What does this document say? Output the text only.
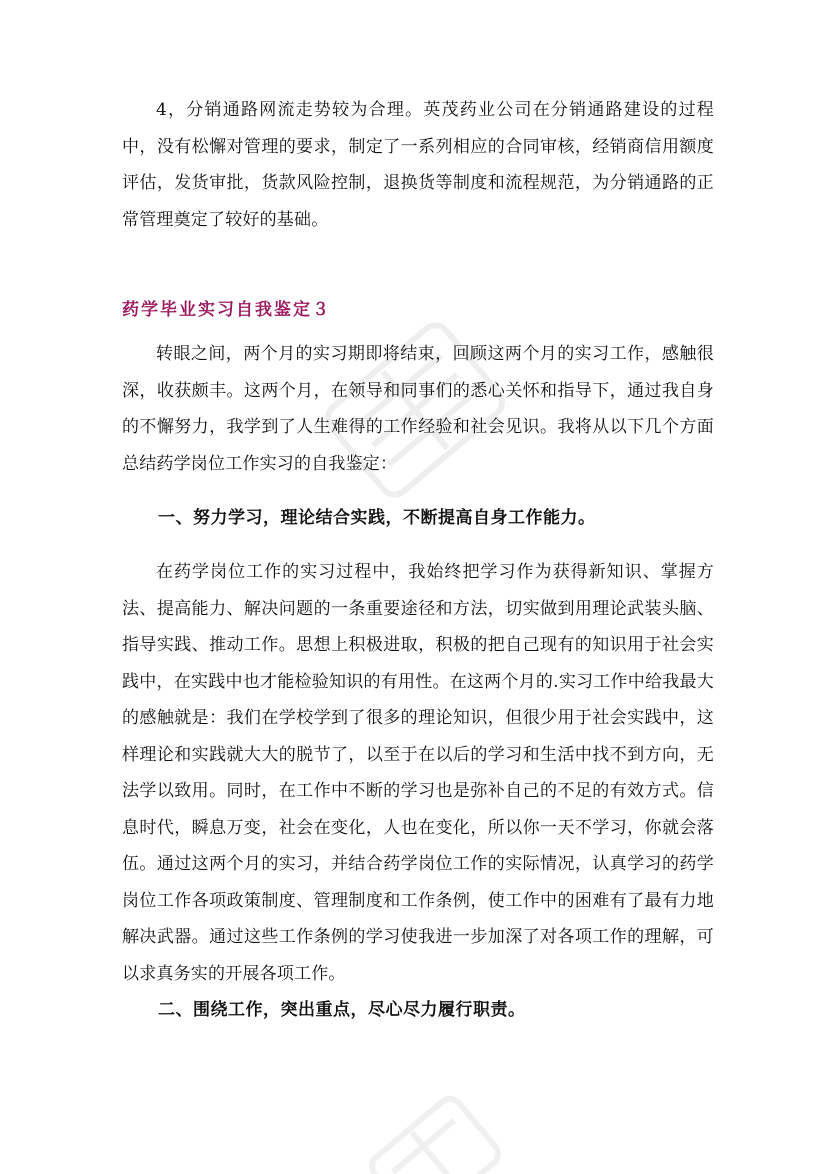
4，分销通路网流走势较为合理。英茂药业公司在分销通路建设的过程中，没有松懈对管理的要求，制定了一系列相应的合同审核，经销商信用额度评估，发货审批，货款风险控制，退换货等制度和流程规范，为分销通路的正常管理奠定了较好的基础。

药学毕业实习自我鉴定３

转眼之间，两个月的实习期即将结束，回顾这两个月的实习工作，感触很深，收获颇丰。这两个月，在领导和同事们的悉心关怀和指导下，通过我自身的不懈努力，我学到了人生难得的工作经验和社会见识。我将从以下几个方面总结药学岗位工作实习的自我鉴定：

一、努力学习，理论结合实践，不断提高自身工作能力。

在药学岗位工作的实习过程中，我始终把学习作为获得新知识、掌握方法、提高能力、解决问题的一条重要途径和方法，切实做到用理论武装头脑、指导实践、推动工作。思想上积极进取，积极的把自己现有的知识用于社会实践中，在实践中也才能检验知识的有用性。在这两个月的.实习工作中给我最大的感触就是：我们在学校学到了很多的理论知识，但很少用于社会实践中，这样理论和实践就大大的脱节了，以至于在以后的学习和生活中找不到方向，无法学以致用。同时，在工作中不断的学习也是弥补自己的不足的有效方式。信息时代，瞬息万变，社会在变化，人也在变化，所以你一天不学习，你就会落伍。通过这两个月的实习，并结合药学岗位工作的实际情况，认真学习的药学岗位工作各项政策制度、管理制度和工作条例，使工作中的困难有了最有力地解决武器。通过这些工作条例的学习使我进一步加深了对各项工作的理解，可以求真务实的开展各项工作。

二、围绕工作，突出重点，尽心尽力履行职责。
